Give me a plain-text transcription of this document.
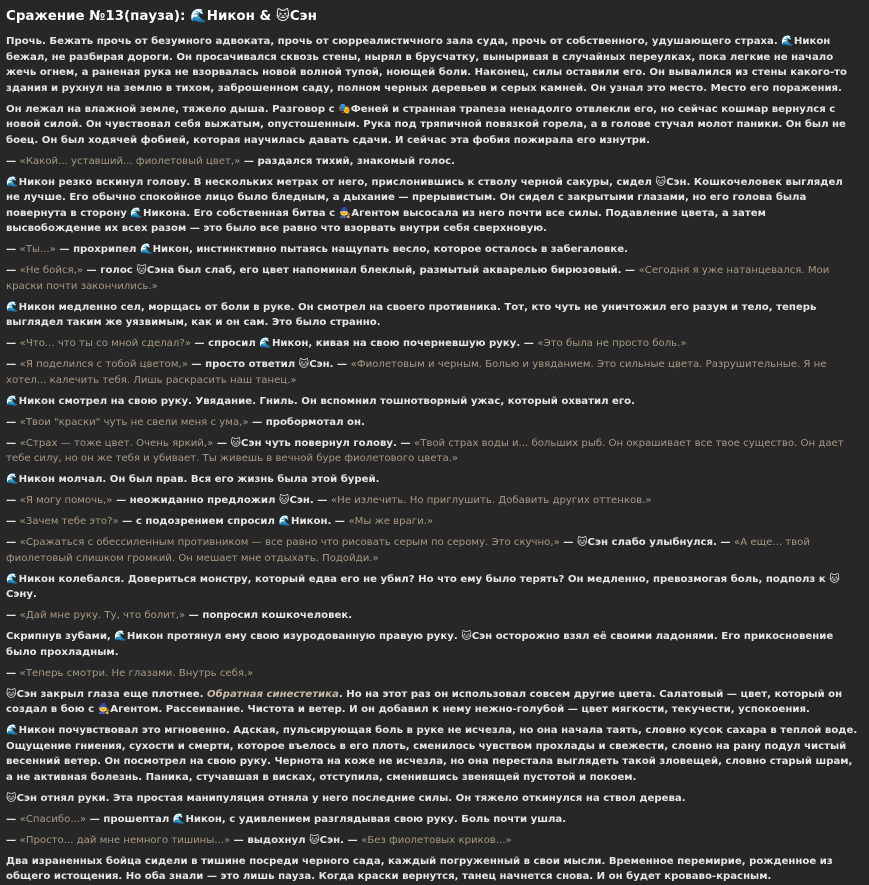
Сражение №13(пауза): 🌊Никон & 🐱Сэн

Прочь. Бежать прочь от безумного адвоката, прочь от сюрреалистичного зала суда, прочь от собственного, удушающего страха. 🌊Никон бежал, не разбирая дороги. Он просачивался сквозь стены, нырял в брусчатку, выныривая в случайных переулках, пока легкие не начало жечь огнем, а раненая рука не взорвалась новой волной тупой, ноющей боли. Наконец, силы оставили его. Он вывалился из стены какого-то здания и рухнул на землю в тихом, заброшенном саду, полном черных деревьев и серых камней. Он узнал это место. Место его поражения.

Он лежал на влажной земле, тяжело дыша. Разговор с 🎭Феней и странная трапеза ненадолго отвлекли его, но сейчас кошмар вернулся с новой силой. Он чувствовал себя выжатым, опустошенным. Рука под тряпичной повязкой горела, а в голове стучал молот паники. Он был не боец. Он был ходячей фобией, которая научилась давать сдачи. И сейчас эта фобия пожирала его изнутри.

— «Какой... уставший... фиолетовый цвет,» — раздался тихий, знакомый голос.

🌊Никон резко вскинул голову. В нескольких метрах от него, прислонившись к стволу черной сакуры, сидел 🐱Сэн. Кошкочеловек выглядел не лучше. Его обычно спокойное лицо было бледным, а дыхание — прерывистым. Он сидел с закрытыми глазами, но его голова была повернута в сторону 🌊Никона. Его собственная битва с 🧙Агентом высосала из него почти все силы. Подавление цвета, а затем высвобождение их всех разом — это было все равно что взорвать внутри себя сверхновую.

— «Ты...» — прохрипел 🌊Никон, инстинктивно пытаясь нащупать весло, которое осталось в забегаловке.

— «Не бойся,» — голос 🐱Сэна был слаб, его цвет напоминал блеклый, размытый акварелью бирюзовый. — «Сегодня я уже натанцевался. Мои краски почти закончились.»

🌊Никон медленно сел, морщась от боли в руке. Он смотрел на своего противника. Тот, кто чуть не уничтожил его разум и тело, теперь выглядел таким же уязвимым, как и он сам. Это было странно.

— «Что... что ты со мной сделал?» — спросил 🌊Никон, кивая на свою почерневшую руку. — «Это была не просто боль.»

— «Я поделился с тобой цветом,» — просто ответил 🐱Сэн. — «Фиолетовым и черным. Болью и увяданием. Это сильные цвета. Разрушительные. Я не хотел... калечить тебя. Лишь раскрасить наш танец.»

🌊Никон смотрел на свою руку. Увядание. Гниль. Он вспомнил тошнотворный ужас, который охватил его.

— «Твои "краски" чуть не свели меня с ума,» — пробормотал он.

— «Страх — тоже цвет. Очень яркий,» — 🐱Сэн чуть повернул голову. — «Твой страх воды и... больших рыб. Он окрашивает все твое существо. Он дает тебе силу, но он же тебя и убивает. Ты живешь в вечной буре фиолетового цвета.»

🌊Никон молчал. Он был прав. Вся его жизнь была этой бурей.

— «Я могу помочь,» — неожиданно предложил 🐱Сэн. — «Не излечить. Но приглушить. Добавить других оттенков.»

— «Зачем тебе это?» — с подозрением спросил 🌊Никон. — «Мы же враги.»

— «Сражаться с обессиленным противником — все равно что рисовать серым по серому. Это скучно,» — 🐱Сэн слабо улыбнулся. — «А еще... твой фиолетовый слишком громкий. Он мешает мне отдыхать. Подойди.»

🌊Никон колебался. Довериться монстру, который едва его не убил? Но что ему было терять? Он медленно, превозмогая боль, подполз к 🐱Сэну.

— «Дай мне руку. Ту, что болит,» — попросил кошкочеловек.

Скрипнув зубами, 🌊Никон протянул ему свою изуродованную правую руку. 🐱Сэн осторожно взял её своими ладонями. Его прикосновение было прохладным.

— «Теперь смотри. Не глазами. Внутрь себя.»

🐱Сэн закрыл глаза еще плотнее. Обратная синестетика. Но на этот раз он использовал совсем другие цвета. Салатовый — цвет, который он создал в бою с 🧙Агентом. Рассеивание. Чистота и ветер. И он добавил к нему нежно-голубой — цвет мягкости, текучести, успокоения.

🌊Никон почувствовал это мгновенно. Адская, пульсирующая боль в руке не исчезла, но она начала таять, словно кусок сахара в теплой воде. Ощущение гниения, сухости и смерти, которое въелось в его плоть, сменилось чувством прохлады и свежести, словно на рану подул чистый весенний ветер. Он посмотрел на свою руку. Чернота на коже не исчезла, но она перестала выглядеть такой зловещей, словно старый шрам, а не активная болезнь. Паника, стучавшая в висках, отступила, сменившись звенящей пустотой и покоем.

🐱Сэн отнял руки. Эта простая манипуляция отняла у него последние силы. Он тяжело откинулся на ствол дерева.

— «Спасибо...» — прошептал 🌊Никон, с удивлением разглядывая свою руку. Боль почти ушла.

— «Просто... дай мне немного тишины...» — выдохнул 🐱Сэн. — «Без фиолетовых криков...»

Два израненных бойца сидели в тишине посреди черного сада, каждый погруженный в свои мысли. Временное перемирие, рожденное из общего истощения. Но оба знали — это лишь пауза. Когда краски вернутся, танец начнется снова. И он будет кроваво-красным.
